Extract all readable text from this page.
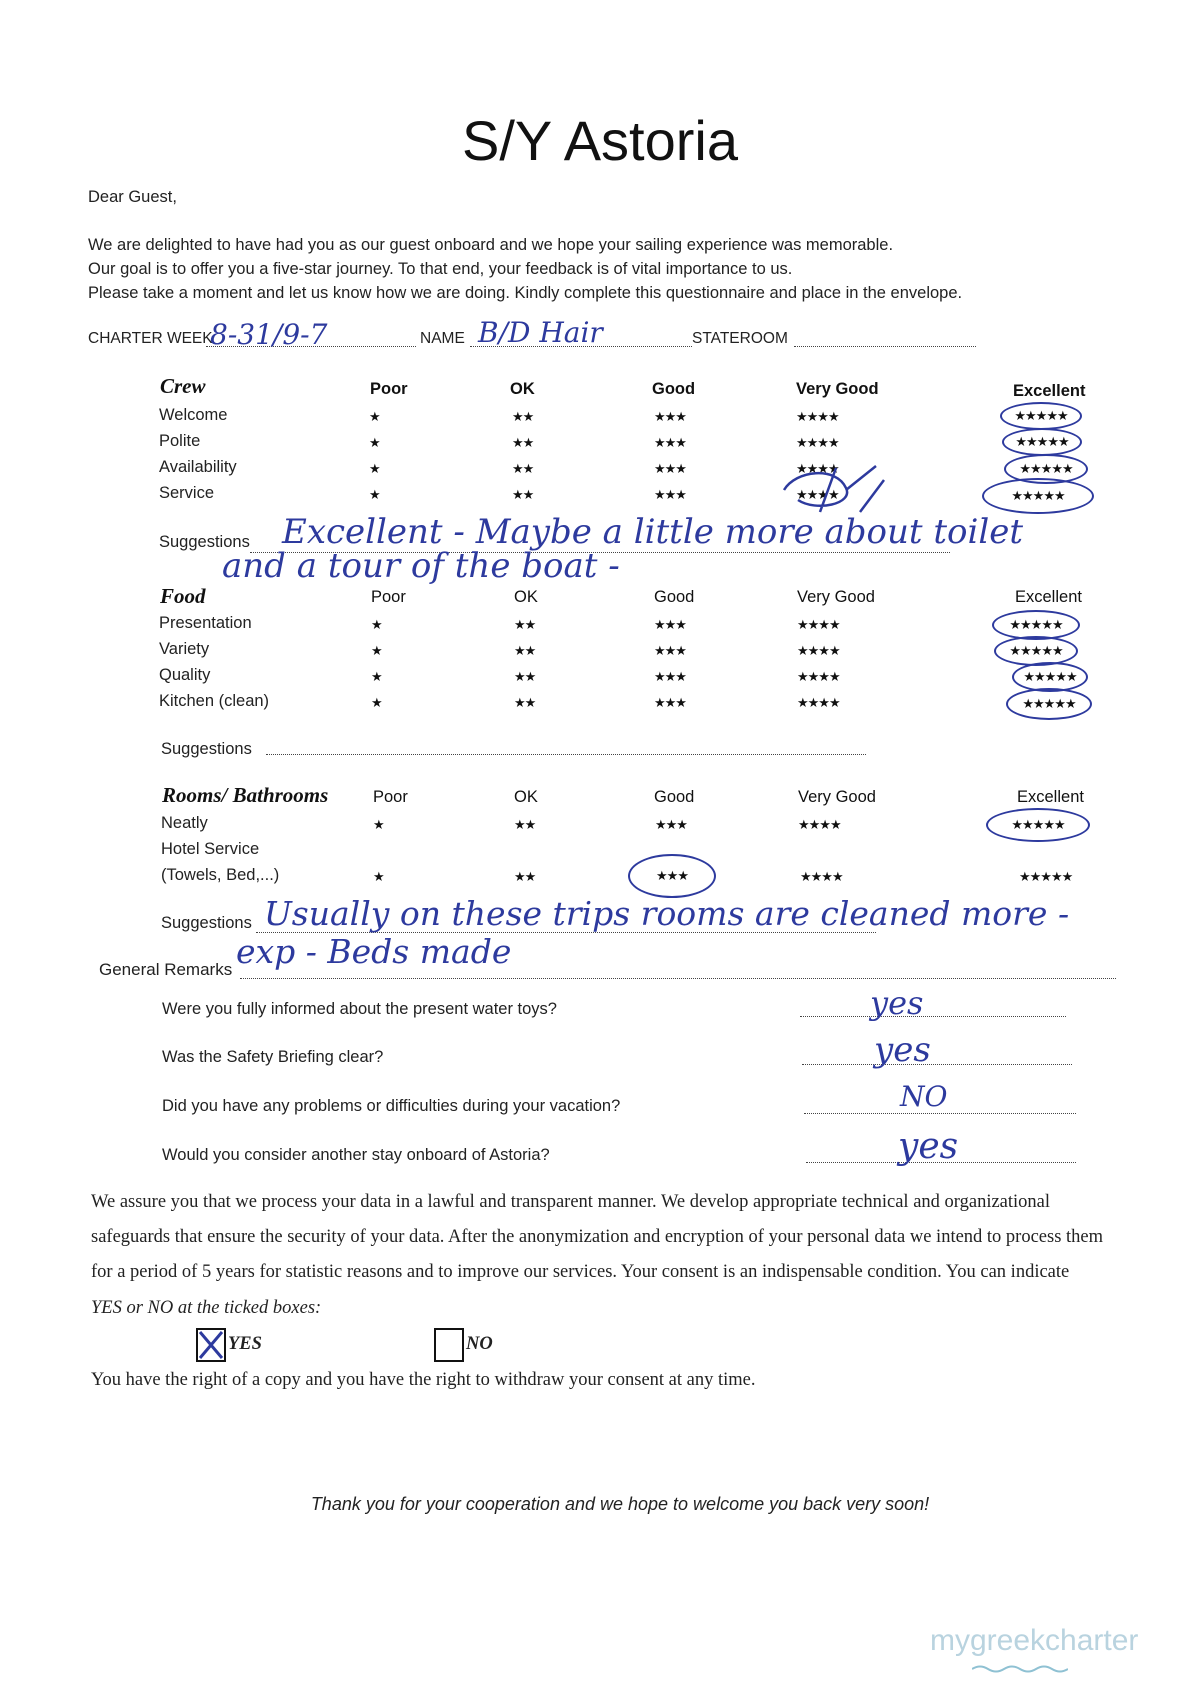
S/Y Astoria
Dear Guest,
We are delighted to have had you as our guest onboard and we hope your sailing experience was memorable.
Our goal is to offer you a five-star journey. To that end, your feedback is of vital importance to us.
Please take a moment and let us know how we are doing. Kindly complete this questionnaire and place in the envelope.
CHARTER WEEK
8-31/9-7	NAME B/D Hair	STATEROOM
Crew	Poor	OK	Good	Very Good	Excellent
Welcome	★	★★	★★★	★★★★	★★★★★
Polite	★	★★	★★★	★★★★	★★★★★
Availability	★	★★	★★★	★★★★	★★★★★
Service	★	★★	★★★	★★★★	★★★★★
Suggestions Excellent - Maybe a little more about toilet
and a tour of the boat -
Food	Poor	OK	Good	Very Good	Excellent
Presentation	★	★★	★★★	★★★★	★★★★★
Variety	★	★★	★★★	★★★★	★★★★★
Quality	★	★★	★★★	★★★★	★★★★★
Kitchen (clean)	★	★★	★★★	★★★★	★★★★★
Suggestions
Rooms/ Bathrooms	Poor	OK	Good	Very Good	Excellent
Neatly	★	★★	★★★	★★★★	★★★★★
Hotel Service
(Towels, Bed,...)	★	★★	★★★	★★★★	★★★★★
Suggestions Usually on these trips rooms are cleaned more -
exp - Beds made
General Remarks
Were you fully informed about the present water toys?	yes
Was the Safety Briefing clear?	yes
Did you have any problems or difficulties during your vacation?	NO
Would you consider another stay onboard of Astoria?	yes
We assure you that we process your data in a lawful and transparent manner. We develop appropriate technical and organizational
safeguards that ensure the security of your data. After the anonymization and encryption of your personal data we intend to process them
for a period of 5 years for statistic reasons and to improve our services. Your consent is an indispensable condition. You can indicate
YES or NO at the ticked boxes:
YES	NO
You have the right of a copy and you have the right to withdraw your consent at any time.
Thank you for your cooperation and we hope to welcome you back very soon!
mygreekcharter
